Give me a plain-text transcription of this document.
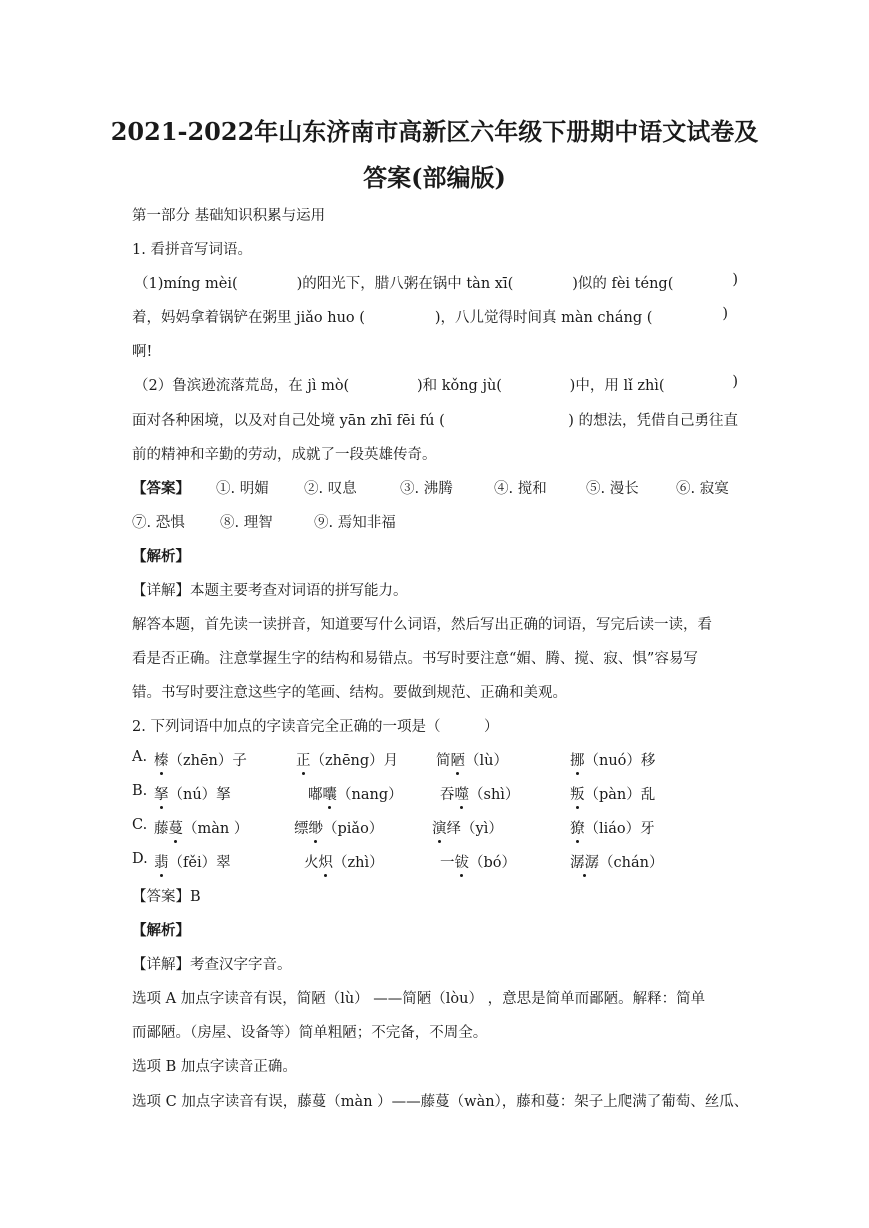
2021-2022年山东济南市高新区六年级下册期中语文试卷及
答案(部编版)
第一部分 基础知识积累与运用
1. 看拼音写词语。
（1)míng mèi(	)的阳光下，腊八粥在锅中 tàn xī(	)似的 fèi téng(	)
着，妈妈拿着锅铲在粥里 jiǎo huo (	)，八儿觉得时间真 màn cháng (	)
啊!
（2）鲁滨逊流落荒岛，在 jì mò(	)和 kǒng jù(	)中，用 lǐ zhì(	)
面对各种困境，以及对自己处境 yān zhī fēi fú (	) 的想法，凭借自己勇往直
前的精神和辛勤的劳动，成就了一段英雄传奇。
【答案】 ①. 明媚 ②. 叹息	③. 沸腾	④. 搅和	⑤. 漫长	⑥. 寂寞
⑦. 恐惧 ⑧. 理智	⑨. 焉知非福
【解析】
【详解】本题主要考查对词语的拼写能力。
解答本题，首先读一读拼音，知道要写什么词语，然后写出正确的词语，写完后读一读，看
看是否正确。注意掌握生字的结构和易错点。书写时要注意“媚、腾、搅、寂、惧”容易写
错。书写时要注意这些字的笔画、结构。要做到规范、正确和美观。
2. 下列词语中加点的字读音完全正确的一项是（　　　）
A. 榛（zhēn）子	正（zhēng）月	简陋（lù）	挪（nuó）移
B. 拏（nú）拏	嘟囔（nang）	吞噬（shì）	叛（pàn）乱
C. 藤蔓（màn ）	缥缈（piǎo）	演绎（yì）	獠（liáo）牙
D. 翡（fěi）翠	火炽（zhì）	一钹（bó）	潺潺（chán）
【答案】B
【解析】
【详解】考查汉字字音。
选项 A 加点字读音有误，简陋（lù） ——简陋（lòu） ，意思是简单而鄙陋。解释：简单
而鄙陋。（房屋、设备等）简单粗陋；不完备，不周全。
选项 B 加点字读音正确。
选项 C 加点字读音有误，藤蔓（màn ）——藤蔓（wàn），藤和蔓：架子上爬满了葡萄、丝瓜、
